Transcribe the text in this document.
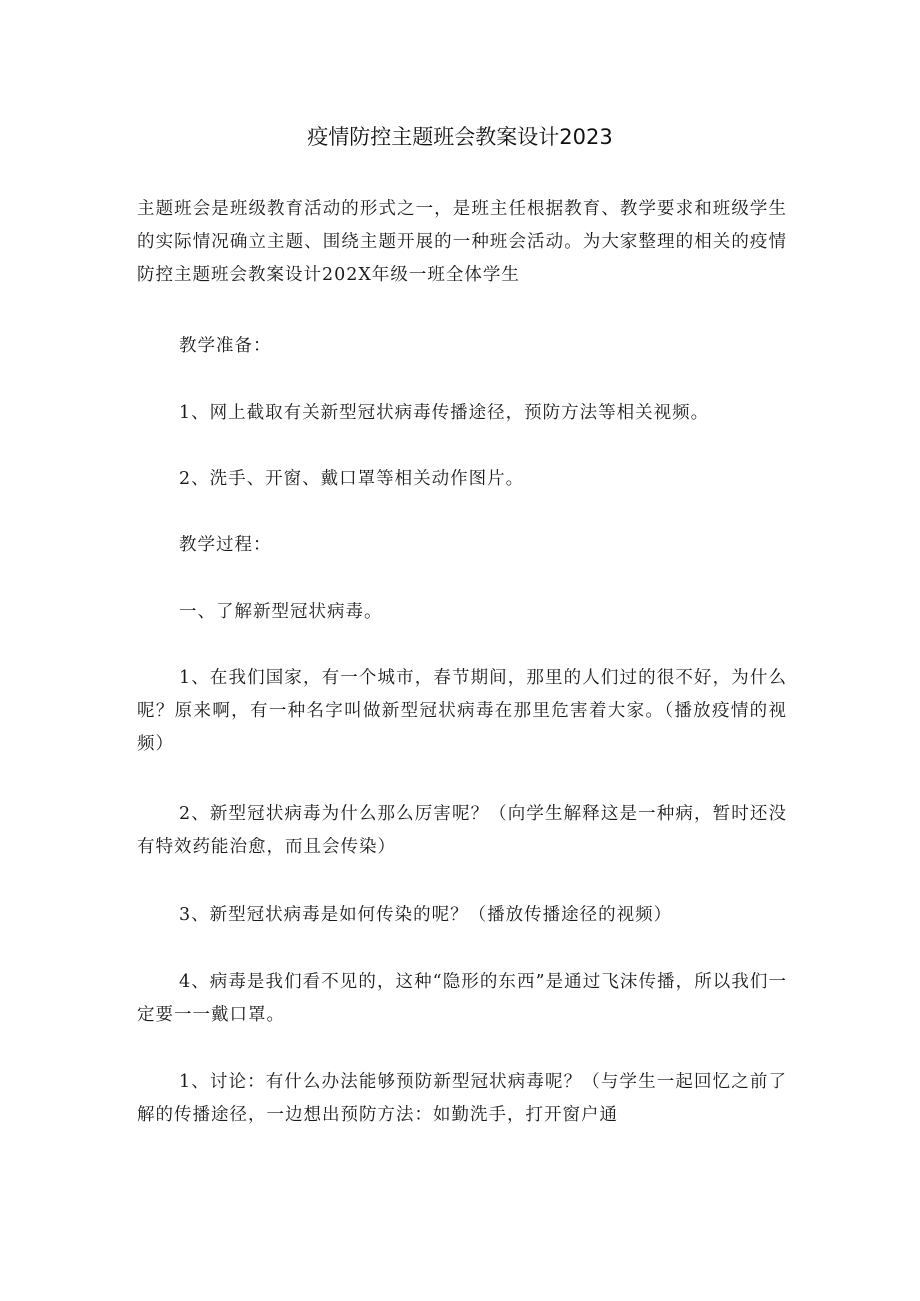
疫情防控主题班会教案设计2023

主题班会是班级教育活动的形式之一，是班主任根据教育、教学要求和班级学生的实际情况确立主题、围绕主题开展的一种班会活动。为大家整理的相关的疫情防控主题班会教案设计202X年级一班全体学生

教学准备：

1、网上截取有关新型冠状病毒传播途径，预防方法等相关视频。

2、洗手、开窗、戴口罩等相关动作图片。

教学过程：

一、了解新型冠状病毒。

1、在我们国家，有一个城市，春节期间，那里的人们过的很不好，为什么呢？原来啊，有一种名字叫做新型冠状病毒在那里危害着大家。（播放疫情的视频）

2、新型冠状病毒为什么那么厉害呢？（向学生解释这是一种病，暂时还没有特效药能治愈，而且会传染）

3、新型冠状病毒是如何传染的呢？（播放传播途径的视频）

4、病毒是我们看不见的，这种“隐形的东西”是通过飞沫传播，所以我们一定要一一戴口罩。

1、讨论：有什么办法能够预防新型冠状病毒呢？（与学生一起回忆之前了解的传播途径，一边想出预防方法：如勤洗手，打开窗户通
